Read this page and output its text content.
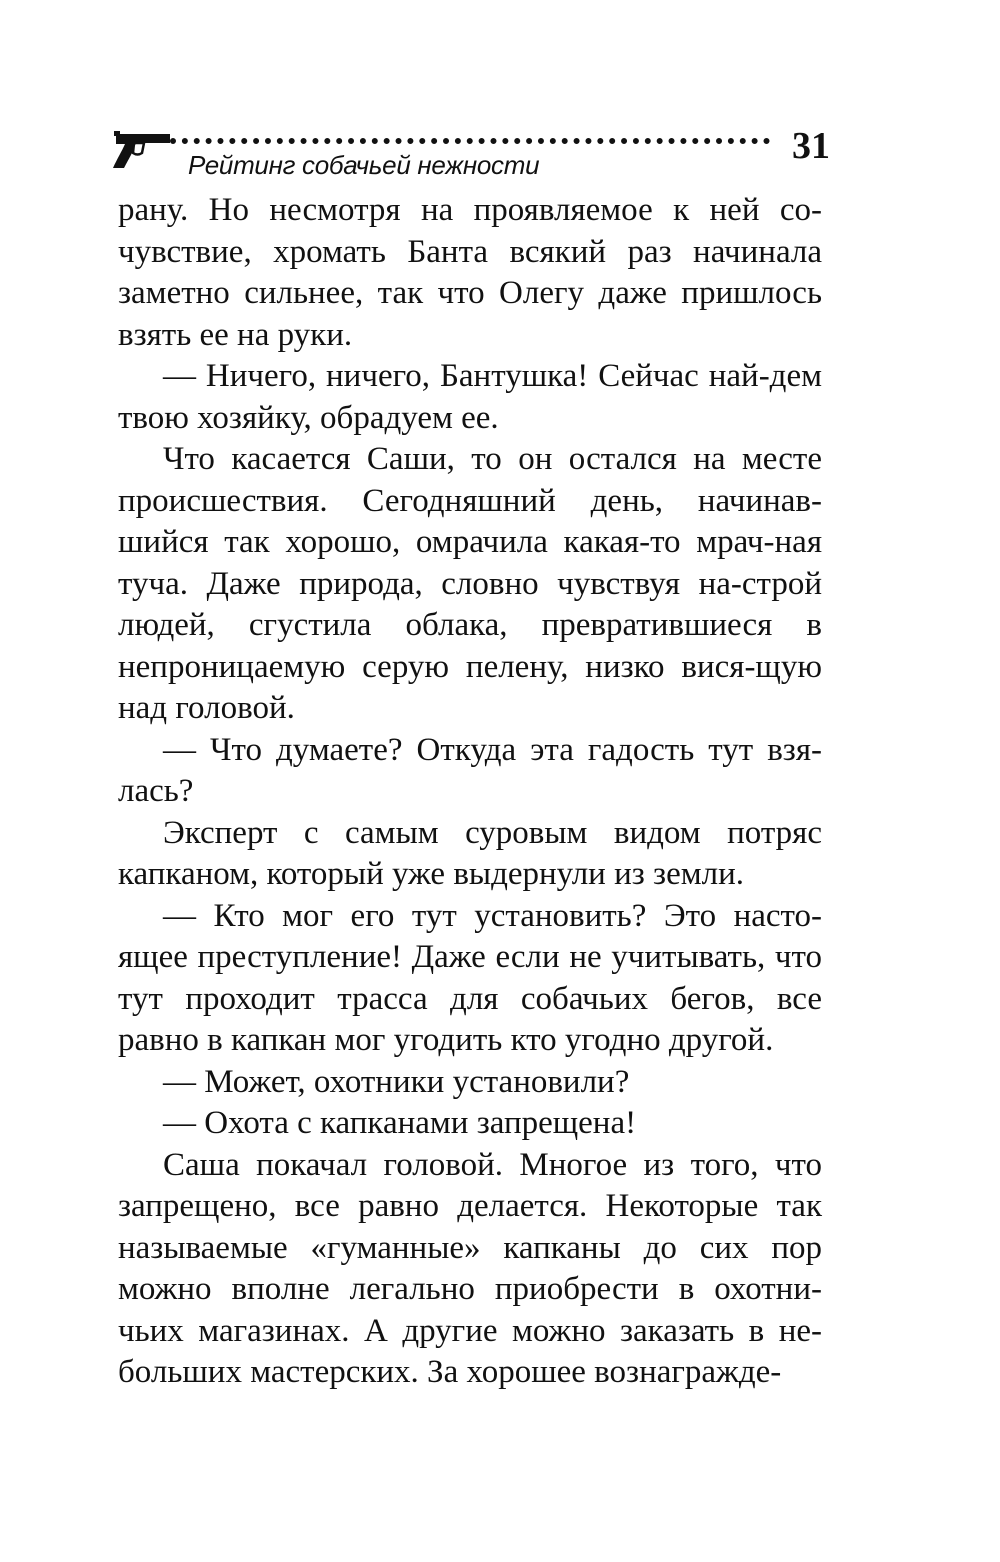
Рейтинг собачьей нежности	31

рану. Но несмотря на проявляемое к ней со-чувствие, хромать Банта всякий раз начинала заметно сильнее, так что Олегу даже пришлось взять ее на руки.

— Ничего, ничего, Бантушка! Сейчас най-дем твою хозяйку, обрадуем ее.

Что касается Саши, то он остался на месте происшествия. Сегодняшний день, начинав-шийся так хорошо, омрачила какая-то мрач-ная туча. Даже природа, словно чувствуя на-строй людей, сгустила облака, превратившиеся в непроницаемую серую пелену, низко вися-щую над головой.

— Что думаете? Откуда эта гадость тут взя-лась?

Эксперт с самым суровым видом потряс капканом, который уже выдернули из земли.

— Кто мог его тут установить? Это насто-ящее преступление! Даже если не учитывать, что тут проходит трасса для собачьих бегов, все равно в капкан мог угодить кто угодно другой.

— Может, охотники установили?

— Охота с капканами запрещена!

Саша покачал головой. Многое из того, что запрещено, все равно делается. Некоторые так называемые «гуманные» капканы до сих пор можно вполне легально приобрести в охотни-чьих магазинах. А другие можно заказать в не-больших мастерских. За хорошее вознагражде-
